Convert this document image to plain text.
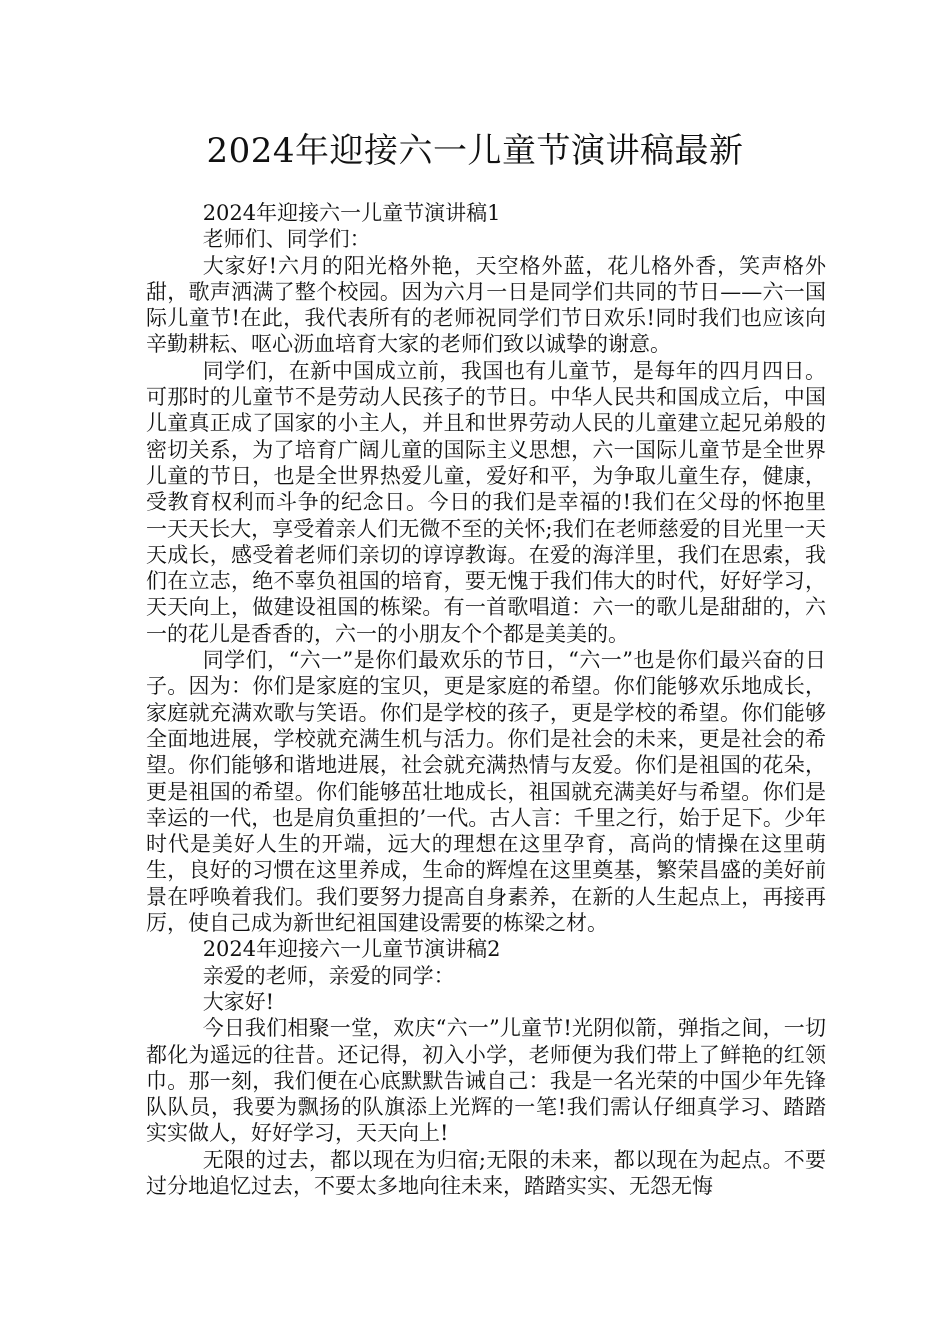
2024年迎接六一儿童节演讲稿最新

2024年迎接六一儿童节演讲稿1

老师们、同学们：

大家好!六月的阳光格外艳，天空格外蓝，花儿格外香，笑声格外甜，歌声洒满了整个校园。因为六月一日是同学们共同的节日——六一国际儿童节!在此，我代表所有的老师祝同学们节日欢乐!同时我们也应该向辛勤耕耘、呕心沥血培育大家的老师们致以诚挚的谢意。

同学们，在新中国成立前，我国也有儿童节，是每年的四月四日。可那时的儿童节不是劳动人民孩子的节日。中华人民共和国成立后，中国儿童真正成了国家的小主人，并且和世界劳动人民的儿童建立起兄弟般的密切关系，为了培育广阔儿童的国际主义思想，六一国际儿童节是全世界儿童的节日，也是全世界热爱儿童，爱好和平，为争取儿童生存，健康，受教育权利而斗争的纪念日。今日的我们是幸福的!我们在父母的怀抱里一天天长大，享受着亲人们无微不至的关怀;我们在老师慈爱的目光里一天天成长，感受着老师们亲切的谆谆教诲。在爱的海洋里，我们在思索，我们在立志，绝不辜负祖国的培育，要无愧于我们伟大的时代，好好学习，天天向上，做建设祖国的栋梁。有一首歌唱道：六一的歌儿是甜甜的，六一的花儿是香香的，六一的小朋友个个都是美美的。

同学们，“六一”是你们最欢乐的节日，“六一”也是你们最兴奋的日子。因为：你们是家庭的宝贝，更是家庭的希望。你们能够欢乐地成长，家庭就充满欢歌与笑语。你们是学校的孩子，更是学校的希望。你们能够全面地进展，学校就充满生机与活力。你们是社会的未来，更是社会的希望。你们能够和谐地进展，社会就充满热情与友爱。你们是祖国的花朵，更是祖国的希望。你们能够茁壮地成长，祖国就充满美好与希望。你们是幸运的一代，也是肩负重担的’一代。古人言：千里之行，始于足下。少年时代是美好人生的开端，远大的理想在这里孕育，高尚的情操在这里萌生，良好的习惯在这里养成，生命的辉煌在这里奠基，繁荣昌盛的美好前景在呼唤着我们。我们要努力提高自身素养，在新的人生起点上，再接再厉，使自己成为新世纪祖国建设需要的栋梁之材。

2024年迎接六一儿童节演讲稿2

亲爱的老师，亲爱的同学：

大家好!

今日我们相聚一堂，欢庆“六一”儿童节!光阴似箭，弹指之间，一切都化为遥远的往昔。还记得，初入小学，老师便为我们带上了鲜艳的红领巾。那一刻，我们便在心底默默告诫自己：我是一名光荣的中国少年先锋队队员，我要为飘扬的队旗添上光辉的一笔!我们需认仔细真学习、踏踏实实做人，好好学习，天天向上!

无限的过去，都以现在为归宿;无限的未来，都以现在为起点。不要过分地追忆过去，不要太多地向往未来，踏踏实实、无怨无悔
